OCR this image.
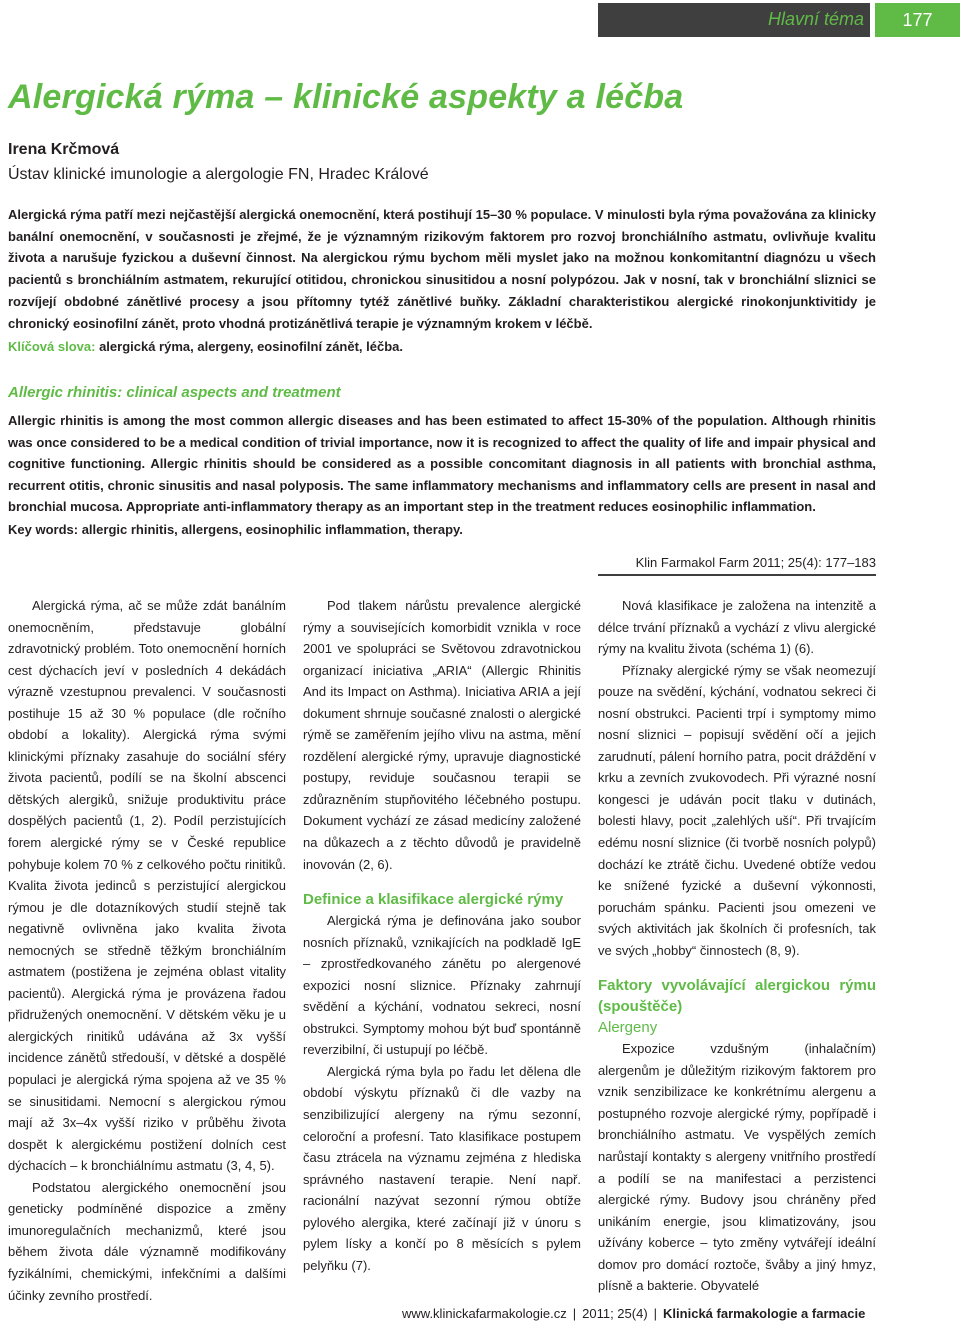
Hlavní téma	177
Alergická rýma – klinické aspekty a léčba
Irena Krčmová
Ústav klinické imunologie a alergologie FN, Hradec Králové
Alergická rýma patří mezi nejčastější alergická onemocnění, která postihují 15–30 % populace. V minulosti byla rýma považována za klinicky banální onemocnění, v současnosti je zřejmé, že je významným rizikovým faktorem pro rozvoj bronchiálního astmatu, ovlivňuje kvalitu života a narušuje fyzickou a duševní činnost. Na alergickou rýmu bychom měli myslet jako na možnou konkomitantní diagnózu u všech pacientů s bronchiálním astmatem, rekurující otitidou, chronickou sinusitidou a nosní polypózou. Jak v nosní, tak v bronchiální sliznici se rozvíjejí obdobné zánětlivé procesy a jsou přítomny tytéž zánětlivé buňky. Základní charakteristikou alergické rinokonjunktivitidy je chronický eosinofilní zánět, proto vhodná protizánětlivá terapie je významným krokem v léčbě.
Klíčová slova: alergická rýma, alergeny, eosinofilní zánět, léčba.
Allergic rhinitis: clinical aspects and treatment
Allergic rhinitis is among the most common allergic diseases and has been estimated to affect 15-30% of the population. Although rhinitis was once considered to be a medical condition of trivial importance, now it is recognized to affect the quality of life and impair physical and cognitive functioning. Allergic rhinitis should be considered as a possible concomitant diagnosis in all patients with bronchial asthma, recurrent otitis, chronic sinusitis and nasal polyposis. The same inflammatory mechanisms and inflammatory cells are present in nasal and bronchial mucosa. Appropriate anti-inflammatory therapy as an important step in the treatment reduces eosinophilic inflammation.
Key words: allergic rhinitis, allergens, eosinophilic inflammation, therapy.
Klin Farmakol Farm 2011; 25(4): 177–183

Alergická rýma, ač se může zdát banálním onemocněním, představuje globální zdravotnický problém. Toto onemocnění horních cest dýchacích jeví v posledních 4 dekádách výrazně vzestupnou prevalenci. V současnosti postihuje 15 až 30 % populace (dle ročního období a lokality). Alergická rýma svými klinickými příznaky zasahuje do sociální sféry života pacientů, podílí se na školní abscenci dětských alergiků, snižuje produktivitu práce dospělých pacientů (1, 2). Podíl perzistujících forem alergické rýmy se v České republice pohybuje kolem 70 % z celkového počtu rinitiků. Kvalita života jedinců s perzistující alergickou rýmou je dle dotazníkových studií stejně tak negativně ovlivněna jako kvalita života nemocných se středně těžkým bronchiálním astmatem (postižena je zejména oblast vitality pacientů). Alergická rýma je provázena řadou přidružených onemocnění. V dětském věku je u alergických rinitiků udávána až 3x vyšší incidence zánětů středouší, v dětské a dospělé populaci je alergická rýma spojena až ve 35 % se sinusitidami. Nemocní s alergickou rýmou mají až 3x–4x vyšší riziko v průběhu života dospět k alergickému postižení dolních cest dýchacích – k bronchiálnímu astmatu (3, 4, 5).

Podstatou alergického onemocnění jsou geneticky podmíněné dispozice a změny imunoregulačních mechanizmů, které jsou během života dále významně modifikovány fyzikálními, chemickými, infekčními a dalšími účinky zevního prostředí.

Pod tlakem nárůstu prevalence alergické rýmy a souvisejících komorbidit vznikla v roce 2001 ve spolupráci se Světovou zdravotnickou organizací iniciativa „ARIA“ (Allergic Rhinitis And its Impact on Asthma). Iniciativa ARIA a její dokument shrnuje současné znalosti o alergické rýmě se zaměřením jejího vlivu na astma, mění rozdělení alergické rýmy, upravuje diagnostické postupy, reviduje současnou terapii se zdůrazněním stupňovitého léčebného postupu. Dokument vychází ze zásad medicíny založené na důkazech a z těchto důvodů je pravidelně inovován (2, 6).

Definice a klasifikace alergické rýmy

Alergická rýma je definována jako soubor nosních příznaků, vznikajících na podkladě IgE – zprostředkovaného zánětu po alergenové expozici nosní sliznice. Příznaky zahrnují svědění a kýchání, vodnatou sekreci, nosní obstrukci. Symptomy mohou být buď spontánně reverzibilní, či ustupují po léčbě.

Alergická rýma byla po řadu let dělena dle období výskytu příznaků či dle vazby na senzibilizující alergeny na rýmu sezonní, celoroční a profesní. Tato klasifikace postupem času ztrácela na významu zejména z hlediska správného nastavení terapie. Není např. racionální nazývat sezonní rýmou obtíže pylového alergika, které začínají již v únoru s pylem lísky a končí po 8 měsících s pylem pelyňku (7).

Nová klasifikace je založena na intenzitě a délce trvání příznaků a vychází z vlivu alergické rýmy na kvalitu života (schéma 1) (6).

Příznaky alergické rýmy se však neomezují pouze na svědění, kýchání, vodnatou sekreci či nosní obstrukci. Pacienti trpí i symptomy mimo nosní sliznici – popisují svědění očí a jejich zarudnutí, pálení horního patra, pocit dráždění v krku a zevních zvukovodech. Při výrazné nosní kongesci je udáván pocit tlaku v dutinách, bolesti hlavy, pocit „zalehlých uší“. Při trvajícím edému nosní sliznice (či tvorbě nosních polypů) dochází ke ztrátě čichu. Uvedené obtíže vedou ke snížené fyzické a duševní výkonnosti, poruchám spánku. Pacienti jsou omezeni ve svých aktivitách jak školních či profesních, tak ve svých „hobby“ činnostech (8, 9).

Faktory vyvolávající alergickou rýmu (spouštěče)
Alergeny

Expozice vzdušným (inhalačním) alergenům je důležitým rizikovým faktorem pro vznik senzibilizace ke konkrétnímu alergenu a postupného rozvoje alergické rýmy, popřípadě i bronchiálního astmatu. Ve vyspělých zemích narůstají kontakty s alergeny vnitřního prostředí a podílí se na manifestaci a perzistenci alergické rýmy. Budovy jsou chráněny před unikáním energie, jsou klimatizovány, jsou užívány koberce – tyto změny vytvářejí ideální domov pro domácí roztoče, švåby a jiný hmyz, plísně a bakterie. Obyvatelé

www.klinickafarmakologie.cz | 2011; 25(4) | Klinická farmakologie a farmacie
